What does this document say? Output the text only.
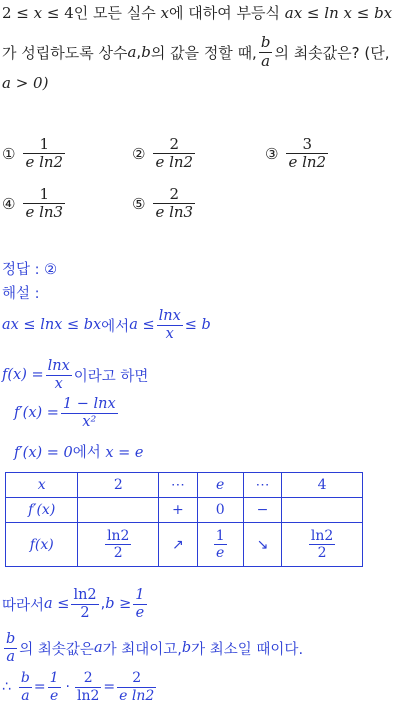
2 ≤ x ≤ 4인 모든 실수 x에 대하여 부등식 ax ≤ ln x ≤ bx
가 성립하도록 상수 a , b 의 값을 정할 때, $\frac{b}{a}$ 의 최솟값은? (단,
a > 0)
① $\frac{1}{\text{e ln2}}$	② $\frac{2}{\text{e ln2}}$	③ $\frac{3}{\text{e ln2}}$
④ $\frac{1}{\text{e ln3}}$	⑤ $\frac{2}{\text{e ln3}}$
정답 : ②
해설 :
ax ≤ lnx ≤ bx 에서 $a \le \frac{\ln x}{x} \le b$
$f(x) = \frac{\ln x}{x}$ 이라고 하면
$f'(x) = \frac{1 - \ln x}{\text{x²}}$
f′(x) = 0에서 x = e
x	2	⋯	e	⋯	4
f′(x)		+	0	−	
f(x)	$\frac{\ln 2}{2}$	↗	$\frac{1}{e}$	↘	$\frac{\ln 2}{2}$
따라서 $a \le \frac{\ln 2}{2}$ , $b \ge \frac{1}{e}$
$\frac{b}{a}$ 의 최솟값은 a 가 최대이고, b 가 최소일 때이다.
∴ $\frac{b}{a} = \frac{1}{e} \cdot \frac{2}{\ln 2} = \frac{2}{\text{e ln2}}$
